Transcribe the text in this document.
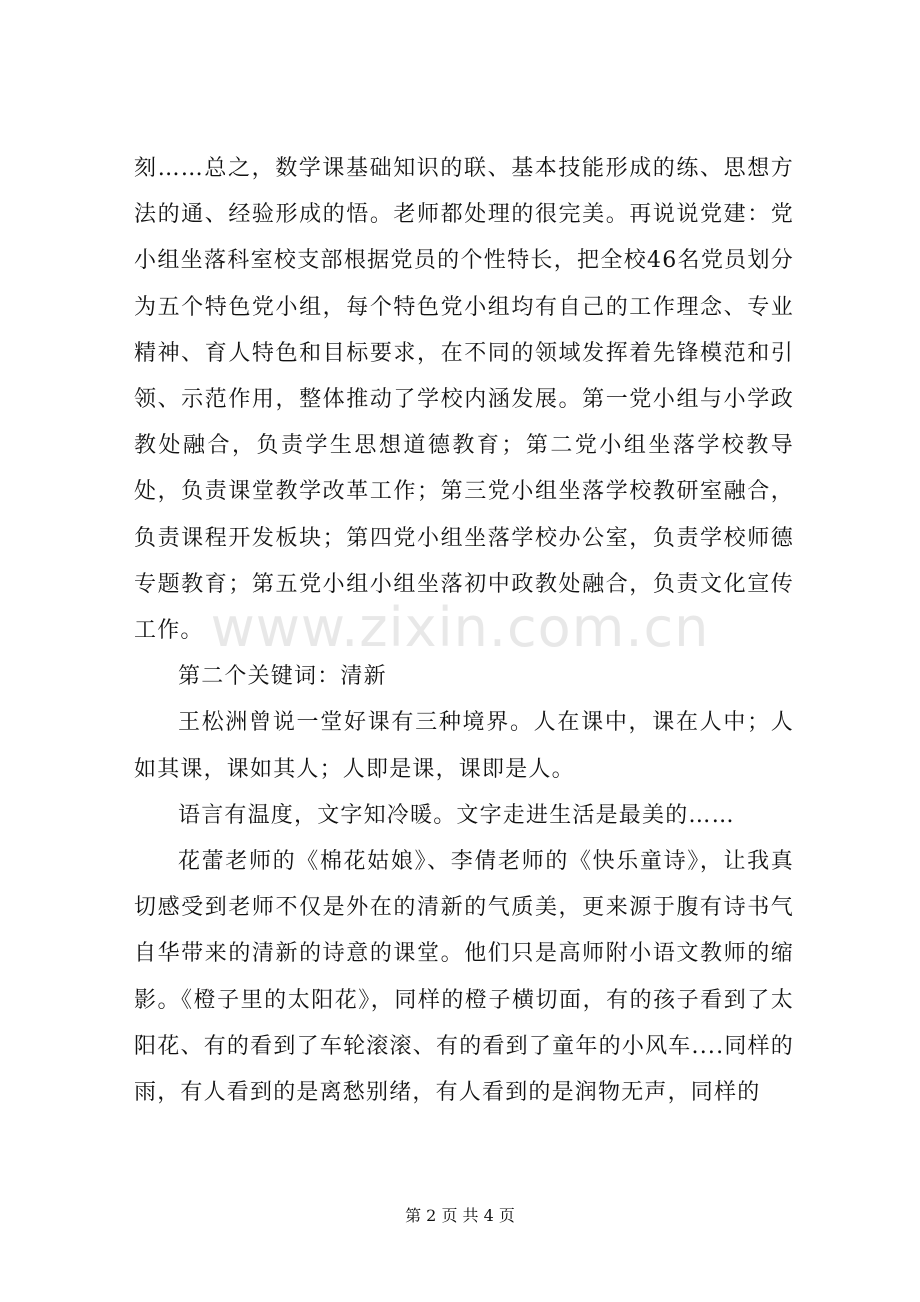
刻……总之，数学课基础知识的联、基本技能形成的练、思想方法的通、经验形成的悟。老师都处理的很完美。再说说党建：党小组坐落科室校支部根据党员的个性特长，把全校46名党员划分为五个特色党小组，每个特色党小组均有自己的工作理念、专业精神、育人特色和目标要求，在不同的领域发挥着先锋模范和引领、示范作用，整体推动了学校内涵发展。第一党小组与小学政教处融合，负责学生思想道德教育；第二党小组坐落学校教导处，负责课堂教学改革工作；第三党小组坐落学校教研室融合，负责课程开发板块；第四党小组坐落学校办公室，负责学校师德专题教育；第五党小组小组坐落初中政教处融合，负责文化宣传工作。

第二个关键词：清新

王松洲曾说一堂好课有三种境界。人在课中，课在人中；人如其课，课如其人；人即是课，课即是人。

语言有温度，文字知冷暖。文字走进生活是最美的……

花蕾老师的《棉花姑娘》、李倩老师的《快乐童诗》，让我真切感受到老师不仅是外在的清新的气质美，更来源于腹有诗书气自华带来的清新的诗意的课堂。他们只是高师附小语文教师的缩影。《橙子里的太阳花》，同样的橙子横切面，有的孩子看到了太阳花、有的看到了车轮滚滚、有的看到了童年的小风车....同样的雨，有人看到的是离愁别绪，有人看到的是润物无声，同样的

www.zixin.com.cn
第 2 页 共 4 页
